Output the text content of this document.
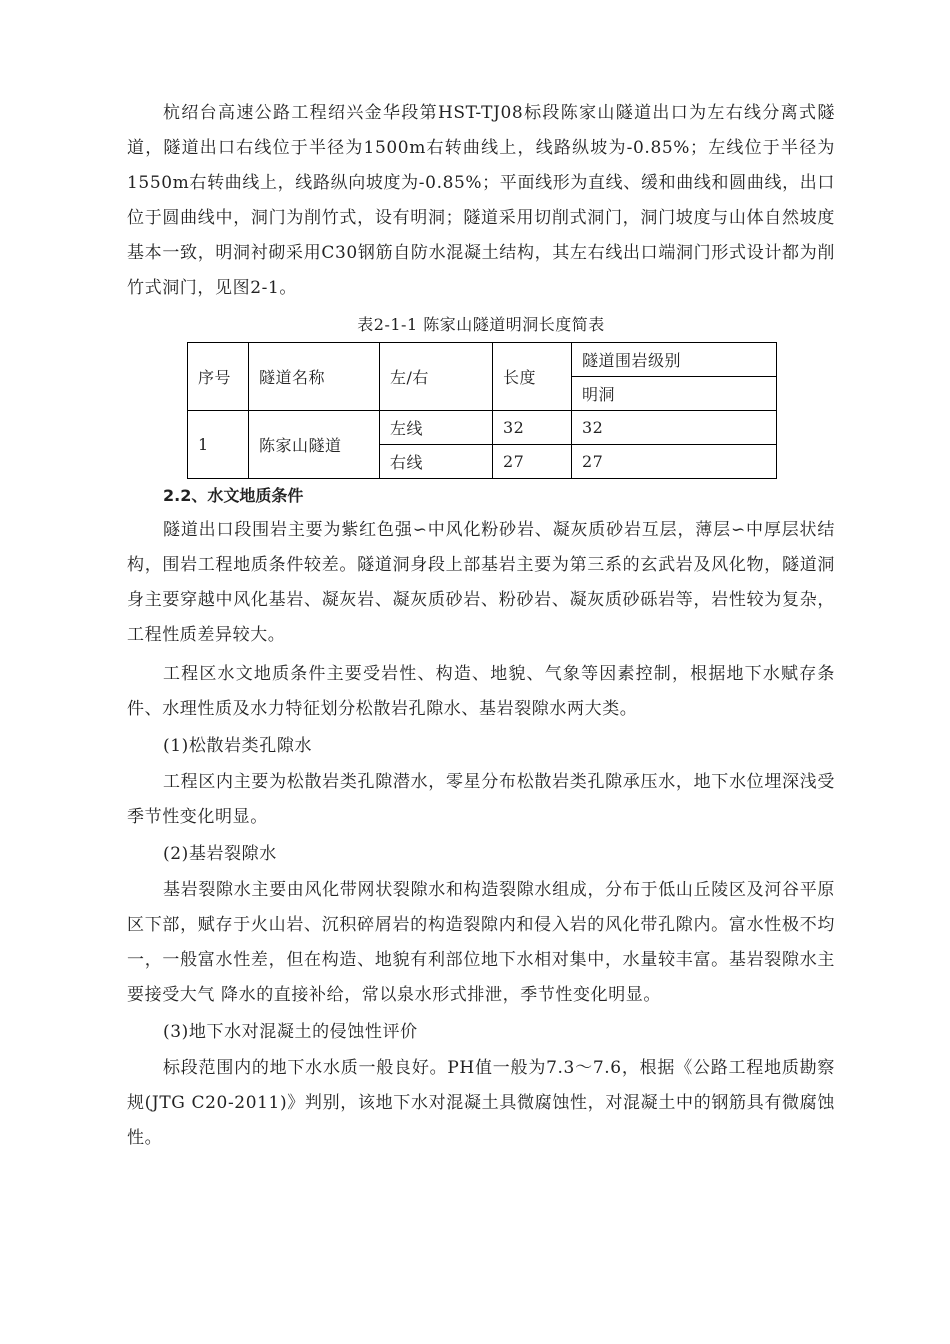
杭绍台高速公路工程绍兴金华段第HST-TJ08标段陈家山隧道出口为左右线分离式隧道，隧道出口右线位于半径为1500m右转曲线上，线路纵坡为-0.85%；左线位于半径为1550m右转曲线上，线路纵向坡度为-0.85%；平面线形为直线、缓和曲线和圆曲线，出口位于圆曲线中，洞门为削竹式，设有明洞；隧道采用切削式洞门，洞门坡度与山体自然坡度基本一致，明洞衬砌采用C30钢筋自防水混凝土结构，其左右线出口端洞门形式设计都为削竹式洞门，见图2-1。

表2-1-1 陈家山隧道明洞长度简表
序号	隧道名称	左/右	长度	隧道围岩级别
				明洞
1	陈家山隧道	左线	32	32
		右线	27	27
2.2、水文地质条件

隧道出口段围岩主要为紫红色强∽中风化粉砂岩、凝灰质砂岩互层，薄层∽中厚层状结构，围岩工程地质条件较差。隧道洞身段上部基岩主要为第三系的玄武岩及风化物，隧道洞身主要穿越中风化基岩、凝灰岩、凝灰质砂岩、粉砂岩、凝灰质砂砾岩等，岩性较为复杂，工程性质差异较大。

工程区水文地质条件主要受岩性、构造、地貌、气象等因素控制，根据地下水赋存条件、水理性质及水力特征划分松散岩孔隙水、基岩裂隙水两大类。

(1)松散岩类孔隙水

工程区内主要为松散岩类孔隙潜水，零星分布松散岩类孔隙承压水，地下水位埋深浅受季节性变化明显。

(2)基岩裂隙水

基岩裂隙水主要由风化带网状裂隙水和构造裂隙水组成，分布于低山丘陵区及河谷平原区下部，赋存于火山岩、沉积碎屑岩的构造裂隙内和侵入岩的风化带孔隙内。富水性极不均一，一般富水性差，但在构造、地貌有利部位地下水相对集中，水量较丰富。基岩裂隙水主要接受大气 降水的直接补给，常以泉水形式排泄，季节性变化明显。

(3)地下水对混凝土的侵蚀性评价

标段范围内的地下水水质一般良好。PH值一般为7.3～7.6，根据《公路工程地质勘察规(JTG C20-2011)》判别，该地下水对混凝土具微腐蚀性，对混凝土中的钢筋具有微腐蚀性。
